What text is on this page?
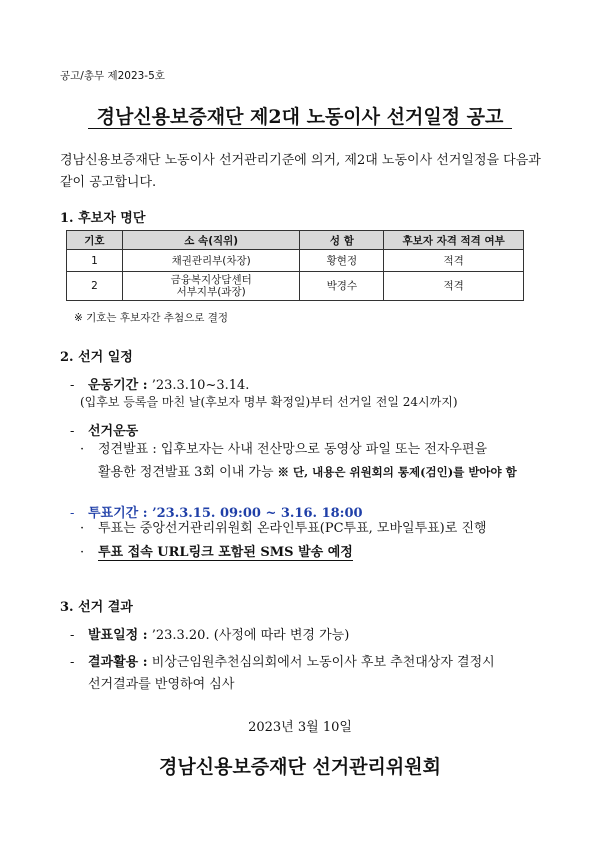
공고/총무 제2023-5호
경남신용보증재단 제2대 노동이사 선거일정 공고
경남신용보증재단 노동이사 선거관리기준에 의거, 제2대 노동이사 선거일정을 다음과 같이 공고합니다.
1. 후보자 명단
기호	소 속(직위)	성 함	후보자 자격 적격 여부
1	채권관리부(차장)	황현정	적격
2	금융복지상담센터
서부지부(과장)	박경수	적격
※ 기호는 후보자간 추첨으로 결정
2. 선거 일정
- 운동기간 : ’23.3.10~3.14.
(입후보 등록을 마친 날(후보자 명부 확정일)부터 선거일 전일 24시까지)
- 선거운동
· 정견발표 : 입후보자는 사내 전산망으로 동영상 파일 또는 전자우편을
활용한 정견발표 3회 이내 가능 ※ 단, 내용은 위원회의 통제(검인)를 받아야 함
- 투표기간 : ’23.3.15. 09:00 ~ 3.16. 18:00
· 투표는 중앙선거관리위원회 온라인투표(PC투표, 모바일투표)로 진행
· 투표 접속 URL링크 포함된 SMS 발송 예정
3. 선거 결과
- 발표일정 : ’23.3.20. (사정에 따라 변경 가능)
- 결과활용 : 비상근임원추천심의회에서 노동이사 후보 추천대상자 결정시
선거결과를 반영하여 심사
2023년 3월 10일
경남신용보증재단 선거관리위원회
